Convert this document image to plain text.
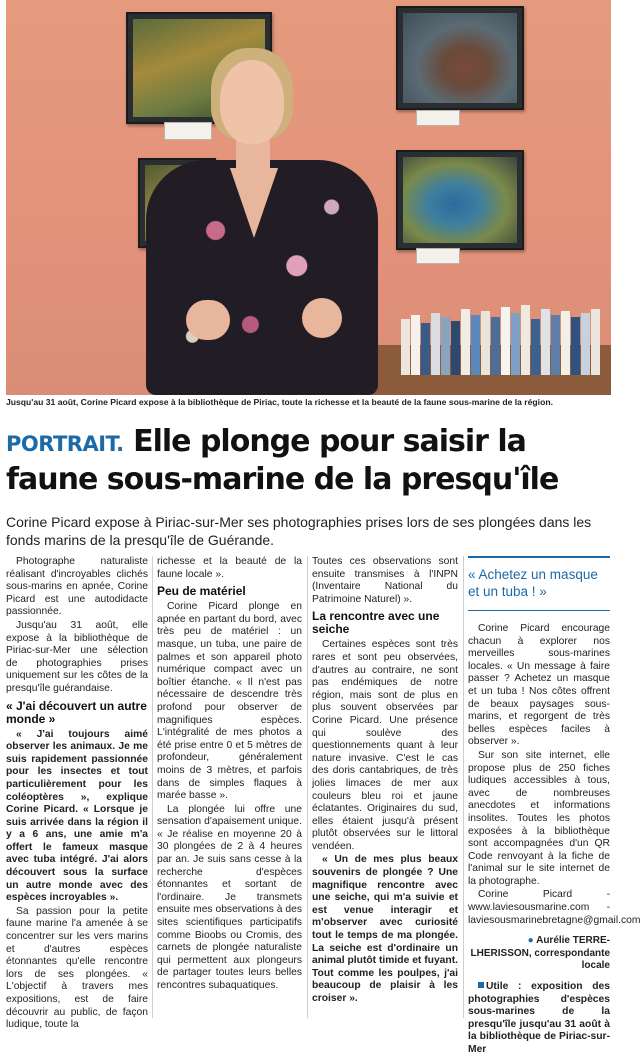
Jusqu'au 31 août, Corine Picard expose à la bibliothèque de Piriac, toute la richesse et la beauté de la faune sous-marine de la région.
PORTRAIT. Elle plonge pour saisir la faune sous-marine de la presqu'île
Corine Picard expose à Piriac-sur-Mer ses photographies prises lors de ses plongées dans les fonds marins de la presqu'île de Guérande.

Photographe naturaliste réalisant d'incroyables clichés sous-marins en apnée, Corine Picard est une autodidacte passionnée.

Jusqu'au 31 août, elle expose à la bibliothèque de Piriac-sur-Mer une sélection de photographies prises uniquement sur les côtes de la presqu'île guérandaise.

« J'ai découvert un autre monde »

« J'ai toujours aimé observer les animaux. Je me suis rapidement passionnée pour les insectes et tout particulièrement pour les coléoptères », explique Corine Picard. « Lorsque je suis arrivée dans la région il y a 6 ans, une amie m'a offert le fameux masque avec tuba intégré. J'ai alors découvert sous la surface un autre monde avec des espèces incroyables ».

Sa passion pour la petite faune marine l'a amenée à se concentrer sur les vers marins et d'autres espèces étonnantes qu'elle rencontre lors de ses plongées. « L'objectif à travers mes expositions, est de faire découvrir au public, de façon ludique, toute la

richesse et la beauté de la faune locale ».

Peu de matériel

Corine Picard plonge en apnée en partant du bord, avec très peu de matériel : un masque, un tuba, une paire de palmes et son appareil photo numérique compact avec un boîtier étanche. « Il n'est pas nécessaire de descendre très profond pour observer de magnifiques espèces. L'intégralité de mes photos a été prise entre 0 et 5 mètres de profondeur, généralement moins de 3 mètres, et parfois dans de simples flaques à marée basse ».

La plongée lui offre une sensation d'apaisement unique. « Je réalise en moyenne 20 à 30 plongées de 2 à 4 heures par an. Je suis sans cesse à la recherche d'espèces étonnantes et sortant de l'ordinaire. Je transmets ensuite mes observations à des sites scientifiques participatifs comme Bioobs ou Cromis, des carnets de plongée naturaliste qui permettent aux plongeurs de partager toutes leurs belles rencontres subaquatiques.

Toutes ces observations sont ensuite transmises à l'INPN (Inventaire National du Patrimoine Naturel) ».

La rencontre avec une seiche

Certaines espèces sont très rares et sont peu observées, d'autres au contraire, ne sont pas endémiques de notre région, mais sont de plus en plus souvent observées par Corine Picard. Une présence qui soulève des questionnements quant à leur nature invasive. C'est le cas des doris cantabriques, de très jolies limaces de mer aux couleurs bleu roi et jaune éclatantes. Originaires du sud, elles étaient jusqu'à présent plutôt observées sur le littoral vendéen.

« Un de mes plus beaux souvenirs de plongée ? Une magnifique rencontre avec une seiche, qui m'a suivie et est venue interagir et m'observer avec curiosité tout le temps de ma plongée. La seiche est d'ordinaire un animal plutôt timide et fuyant. Tout comme les poulpes, j'ai beaucoup de plaisir à les croiser ».

« Achetez un masque et un tuba ! »

Corine Picard encourage chacun à explorer nos merveilles sous-marines locales. « Un message à faire passer ? Achetez un masque et un tuba ! Nos côtes offrent de beaux paysages sous-marins, et regorgent de très belles espèces faciles à observer ».

Sur son site internet, elle propose plus de 250 fiches ludiques accessibles à tous, avec de nombreuses anecdotes et informations insolites. Toutes les photos exposées à la bibliothèque sont accompagnées d'un QR Code renvoyant à la fiche de l'animal sur le site internet de la photographe.

Corine Picard - www.laviesousmarine.com - laviesousmarinebretagne@gmail.com

● Aurélie TERRE-LHERISSON, correspondante locale

Utile : exposition des photographies d'espèces sous-marines de la presqu'île jusqu'au 31 août à la bibliothèque de Piriac-sur-Mer
